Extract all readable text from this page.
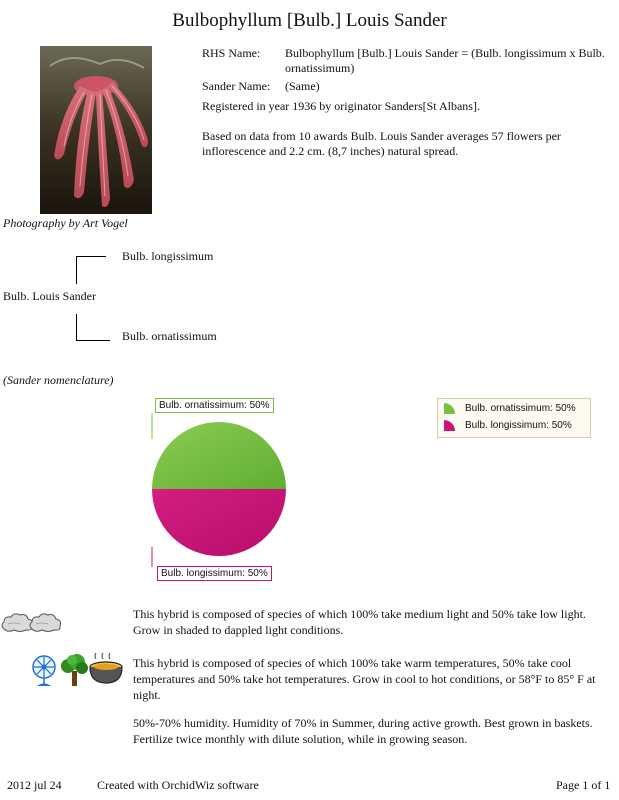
Bulbophyllum [Bulb.] Louis Sander
RHS Name: Bulbophyllum [Bulb.] Louis Sander = (Bulb. longissimum x Bulb. ornatissimum)
Sander Name: (Same)
Registered in year 1936 by originator Sanders[St Albans].
Based on data from 10 awards Bulb. Louis Sander averages 57 flowers per inflorescence and 2.2 cm. (8,7 inches) natural spread.
Photography by Art Vogel
Bulb. longissimum
Bulb. Louis Sander
Bulb. ornatissimum
(Sander nomenclature)
Bulb. ornatissimum: 50%
Bulb. longissimum: 50%
Bulb. ornatissimum: 50%
Bulb. longissimum: 50%
This hybrid is composed of species of which 100% take medium light and 50% take low light. Grow in shaded to dappled light conditions.
This hybrid is composed of species of which 100% take warm temperatures, 50% take cool temperatures and 50% take hot temperatures. Grow in cool to hot conditions, or 58°F to 85° F at night.
50%-70% humidity. Humidity of 70% in Summer, during active growth. Best grown in baskets. Fertilize twice monthly with dilute solution, while in growing season.
2012 jul 24	Created with OrchidWiz software	Page 1 of 1
